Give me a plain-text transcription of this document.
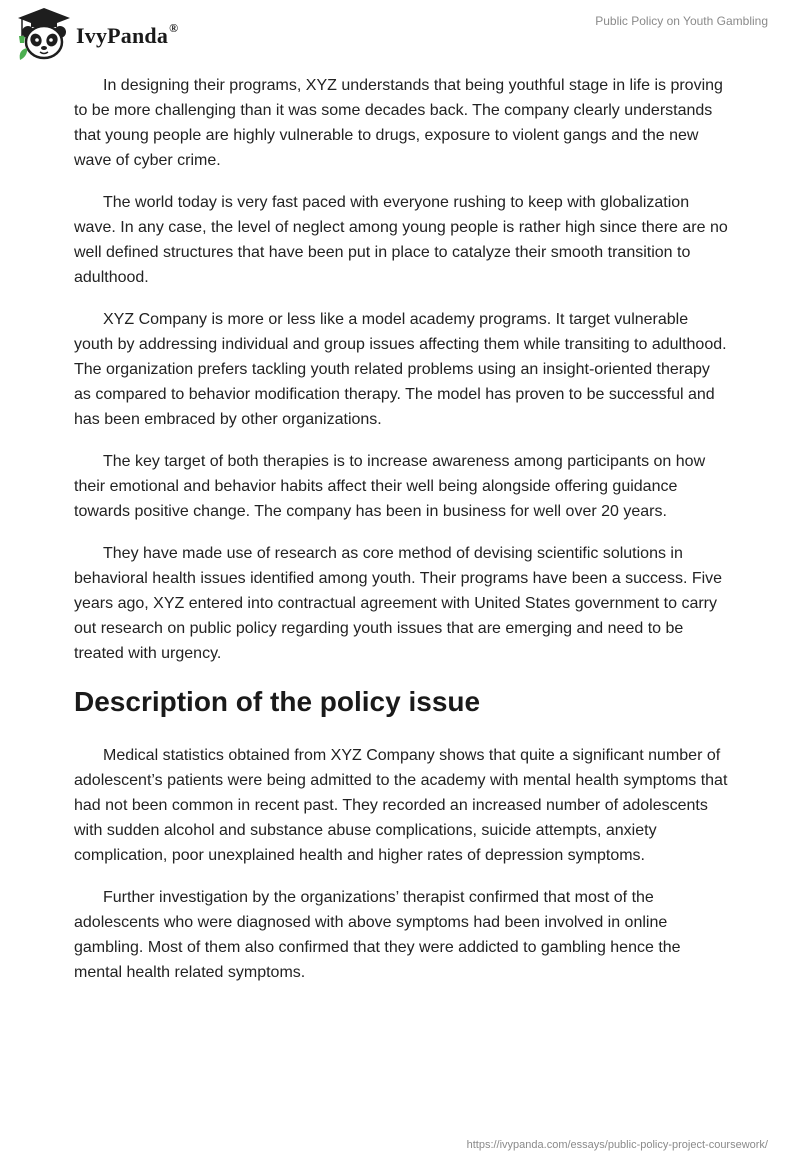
IvyPanda®	Public Policy on Youth Gambling

In designing their programs, XYZ understands that being youthful stage in life is proving to be more challenging than it was some decades back. The company clearly understands that young people are highly vulnerable to drugs, exposure to violent gangs and the new wave of cyber crime.

The world today is very fast paced with everyone rushing to keep with globalization wave. In any case, the level of neglect among young people is rather high since there are no well defined structures that have been put in place to catalyze their smooth transition to adulthood.

XYZ Company is more or less like a model academy programs. It target vulnerable youth by addressing individual and group issues affecting them while transiting to adulthood. The organization prefers tackling youth related problems using an insight-oriented therapy as compared to behavior modification therapy. The model has proven to be successful and has been embraced by other organizations.

The key target of both therapies is to increase awareness among participants on how their emotional and behavior habits affect their well being alongside offering guidance towards positive change. The company has been in business for well over 20 years.

They have made use of research as core method of devising scientific solutions in behavioral health issues identified among youth. Their programs have been a success. Five years ago, XYZ entered into contractual agreement with United States government to carry out research on public policy regarding youth issues that are emerging and need to be treated with urgency.

Description of the policy issue

Medical statistics obtained from XYZ Company shows that quite a significant number of adolescent’s patients were being admitted to the academy with mental health symptoms that had not been common in recent past. They recorded an increased number of adolescents with sudden alcohol and substance abuse complications, suicide attempts, anxiety complication, poor unexplained health and higher rates of depression symptoms.

Further investigation by the organizations’ therapist confirmed that most of the adolescents who were diagnosed with above symptoms had been involved in online gambling. Most of them also confirmed that they were addicted to gambling hence the mental health related symptoms.

https://ivypanda.com/essays/public-policy-project-coursework/
